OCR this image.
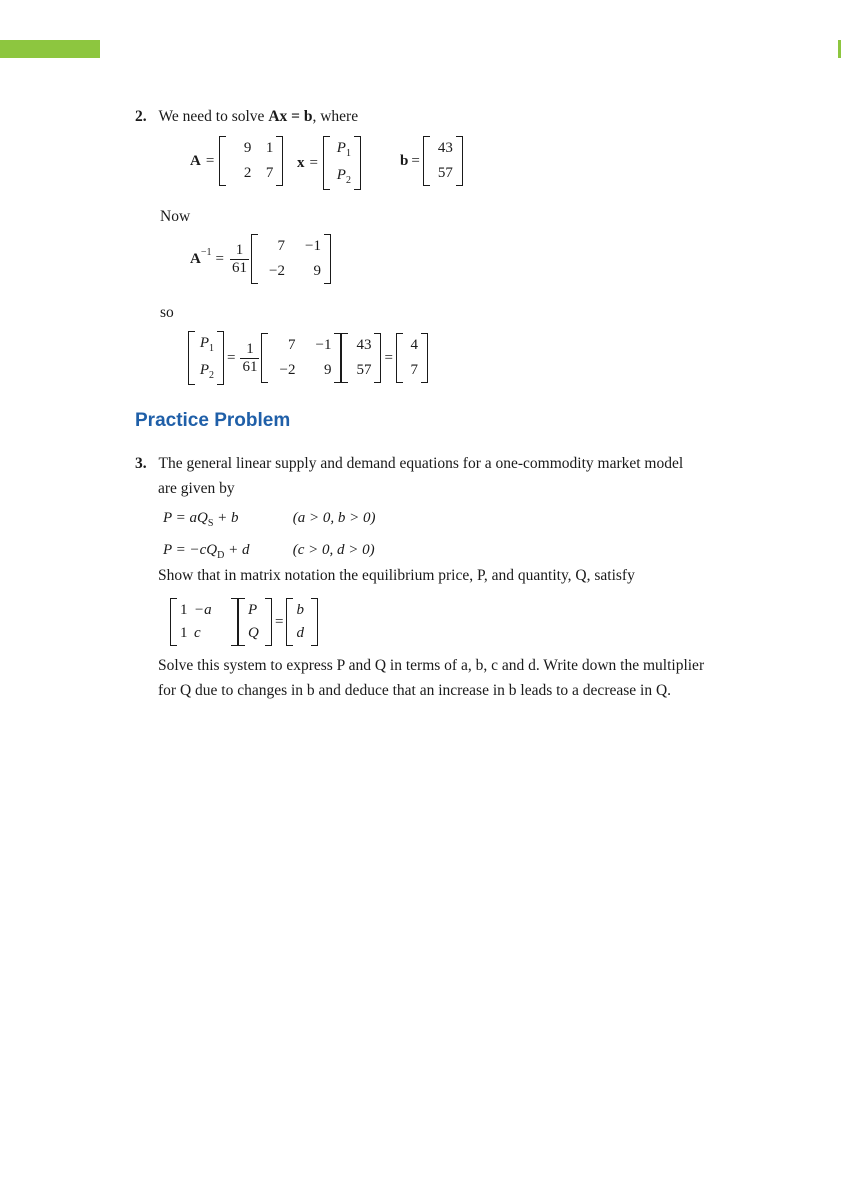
2. We need to solve Ax = b, where
A =
9 1
2 7
x =
$P_1$
$P_2$
b =
43
57
Now
$A^{-1} = \frac{1}{61}$	7	−1
−2	9
so
$P_1$
$P_2$
= $\frac{1}{61}$	7	−1
−2	9
43
57
=
4
7
Practice Problem
3. The general linear supply and demand equations for a one-commodity market model
are given by
$P = aQ_S + b$	(a > 0, b > 0)
$P = -cQ_D + d$	(c > 0, d > 0)
Show that in matrix notation the equilibrium price, P, and quantity, Q, satisfy
1 −a
1 c
P
Q
=
b
d
Solve this system to express P and Q in terms of a, b, c and d. Write down the multiplier
for Q due to changes in b and deduce that an increase in b leads to a decrease in Q.
